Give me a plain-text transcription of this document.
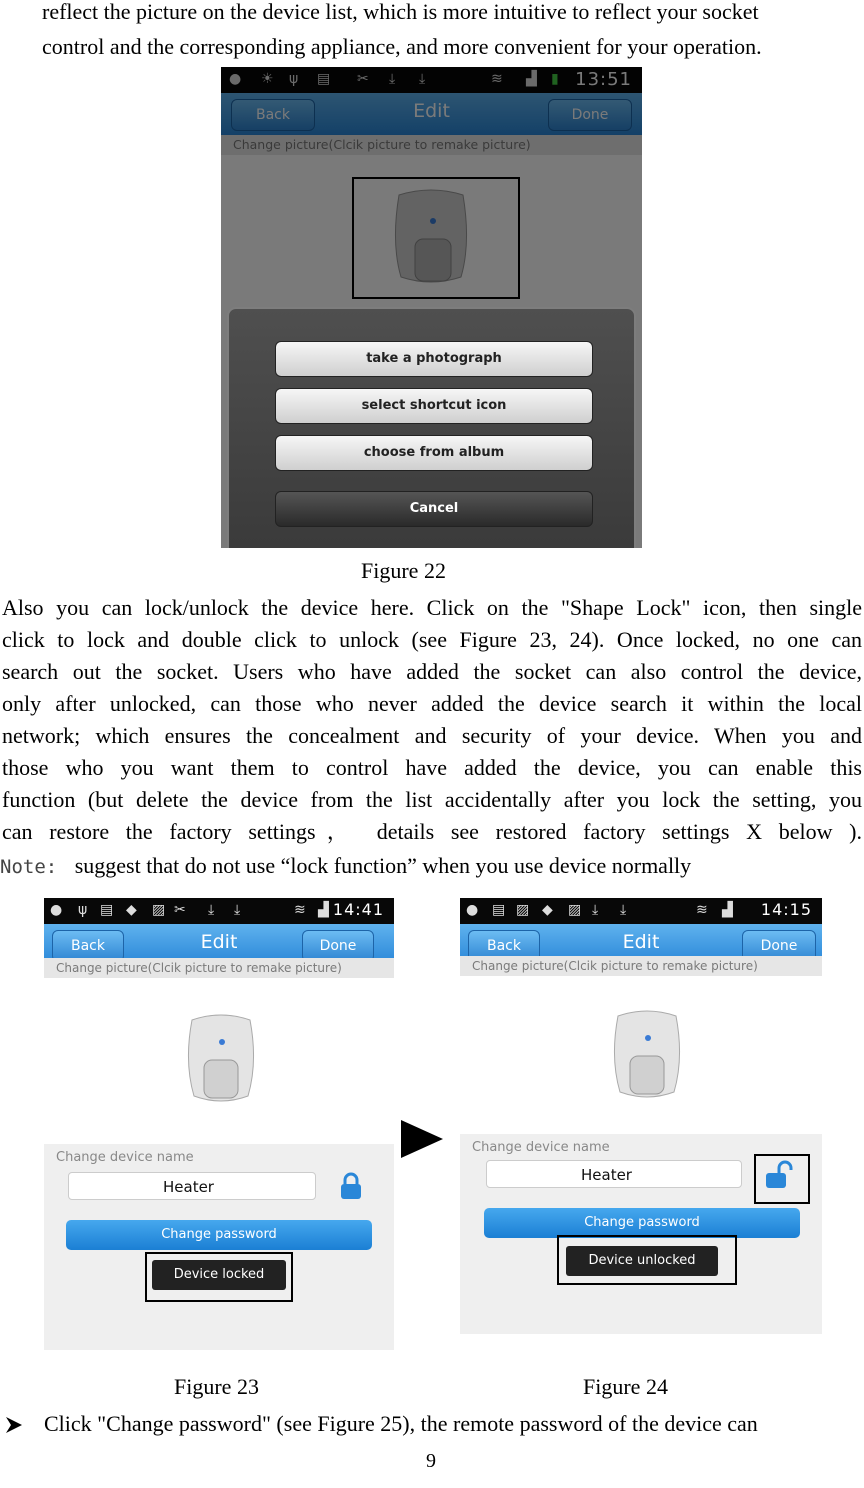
reflect the picture on the device list, which is more intuitive to reflect your socket
control and the corresponding appliance, and more convenient for your operation.
take a photograph
select shortcut icon
choose from album
Cancel
Figure 22
Also you can lock/unlock the device here. Click on the "Shape Lock" icon, then single
click to lock and double click to unlock (see Figure 23, 24). Once locked, no one can
search out the socket. Users who have added the socket can also control the device,
only after unlocked, can those who never added the device search it within the local
network; which ensures the concealment and security of your device. When you and
those who you want them to control have added the device, you can enable this
function (but delete the device from the list accidentally after you lock the setting, you
can restore the factory settings， details see restored factory settings X below ).
Note: suggest that do not use “lock function” when you use device normally
● ψ ▤ ◆ ▨ ✂ ⤓ ⤓	≋ ▟ 14:41
Back	Edit	Done
Change picture(Clcik picture to remake picture)
Change device name
Heater
Change password
Device locked
● ▤ ▨ ◆ ▨ ⤓ ⤓	≋ ▟ 14:15
Back	Edit	Done
Change picture(Clcik picture to remake picture)
Change device name
Heater
Change password
Device unlocked
Figure 23	Figure 24
Click "Change password" (see Figure 25), the remote password of the device can
9
